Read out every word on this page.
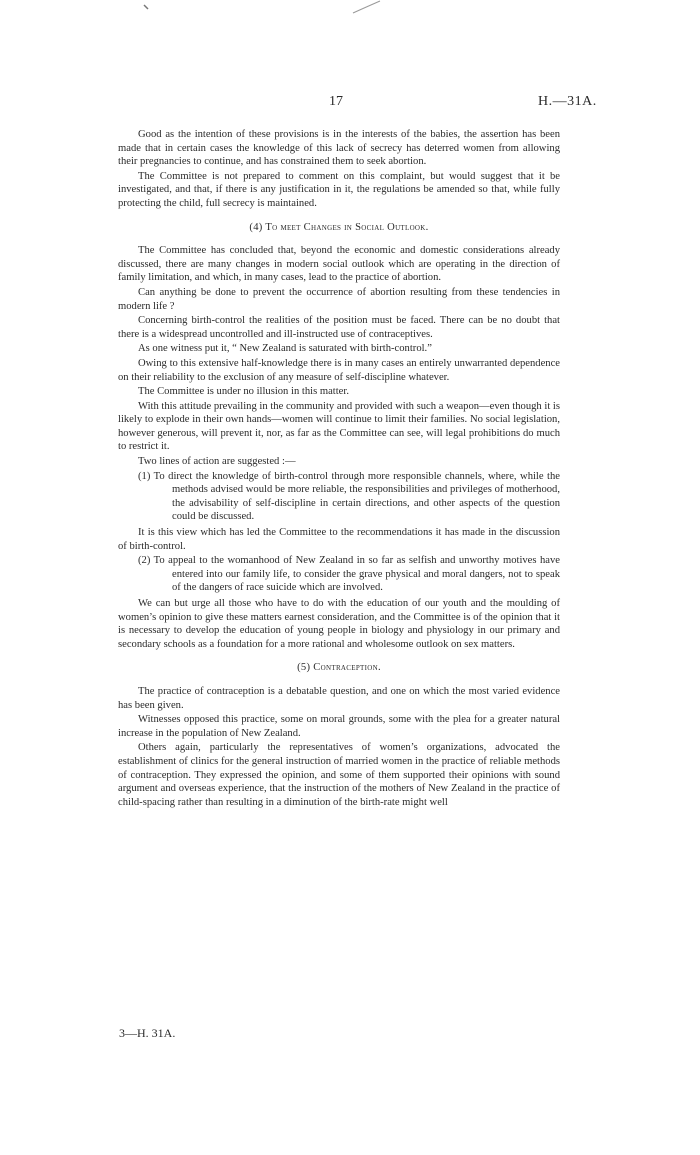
17	H.—31A.

Good as the intention of these provisions is in the interests of the babies, the assertion has been made that in certain cases the knowledge of this lack of secrecy has deterred women from allowing their pregnancies to continue, and has constrained them to seek abortion.

The Committee is not prepared to comment on this complaint, but would suggest that it be investigated, and that, if there is any justification in it, the regulations be amended so that, while fully protecting the child, full secrecy is maintained.

(4) To meet Changes in Social Outlook.

The Committee has concluded that, beyond the economic and domestic considerations already discussed, there are many changes in modern social outlook which are operating in the direction of family limitation, and which, in many cases, lead to the practice of abortion.

Can anything be done to prevent the occurrence of abortion resulting from these tendencies in modern life ?

Concerning birth-control the realities of the position must be faced. There can be no doubt that there is a widespread uncontrolled and ill-instructed use of contraceptives.

As one witness put it, “ New Zealand is saturated with birth-control.”

Owing to this extensive half-knowledge there is in many cases an entirely unwarranted dependence on their reliability to the exclusion of any measure of self-discipline whatever.

The Committee is under no illusion in this matter.

With this attitude prevailing in the community and provided with such a weapon—even though it is likely to explode in their own hands—women will continue to limit their families. No social legislation, however generous, will prevent it, nor, as far as the Committee can see, will legal prohibitions do much to restrict it.

Two lines of action are suggested :—

(1) To direct the knowledge of birth-control through more responsible channels, where, while the methods advised would be more reliable, the responsibilities and privileges of motherhood, the advisability of self-discipline in certain directions, and other aspects of the question could be discussed.

It is this view which has led the Committee to the recommendations it has made in the discussion of birth-control.

(2) To appeal to the womanhood of New Zealand in so far as selfish and unworthy motives have entered into our family life, to consider the grave physical and moral dangers, not to speak of the dangers of race suicide which are involved.

We can but urge all those who have to do with the education of our youth and the moulding of women’s opinion to give these matters earnest consideration, and the Committee is of the opinion that it is necessary to develop the education of young people in biology and physiology in our primary and secondary schools as a foundation for a more rational and wholesome outlook on sex matters.

(5) Contraception.

The practice of contraception is a debatable question, and one on which the most varied evidence has been given.

Witnesses opposed this practice, some on moral grounds, some with the plea for a greater natural increase in the population of New Zealand.

Others again, particularly the representatives of women’s organizations, advocated the establishment of clinics for the general instruction of married women in the practice of reliable methods of contraception. They expressed the opinion, and some of them supported their opinions with sound argument and overseas experience, that the instruction of the mothers of New Zealand in the practice of child-spacing rather than resulting in a diminution of the birth-rate might well

3—H. 31A.
